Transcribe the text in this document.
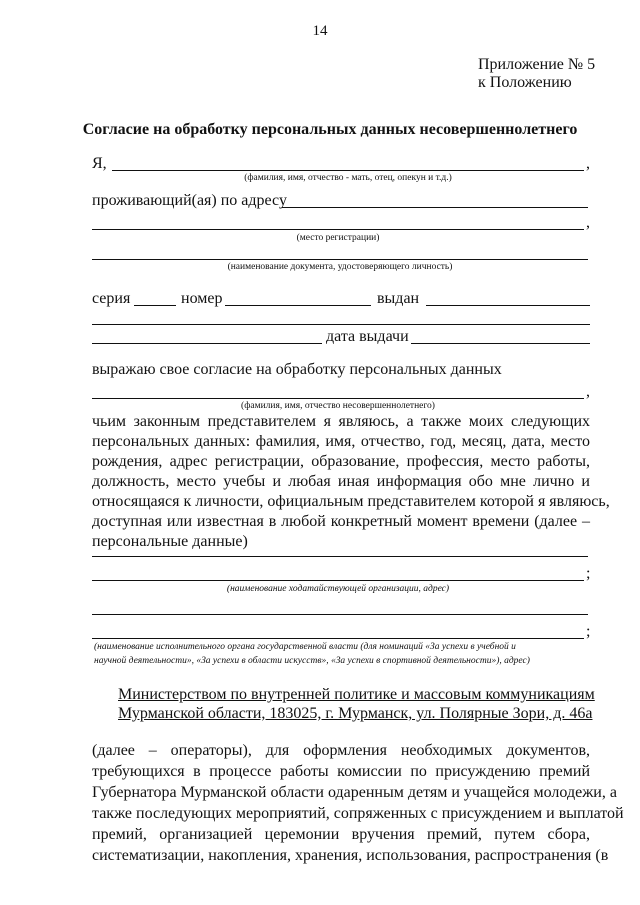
14
Приложение № 5
к Положению
Согласие на обработку персональных данных несовершеннолетнего
Я,	,
(фамилия, имя, отчество - мать, отец, опекун и т.д.)
проживающий(ая) по адресу
,
(место регистрации)
(наименование документа, удостоверяющего личность)
серия	номер	выдан
дата выдачи
выражаю свое согласие на обработку персональных данных
,
(фамилия, имя, отчество несовершеннолетнего)
чьим законным представителем я являюсь, а также моих следующих
персональных данных: фамилия, имя, отчество, год, месяц, дата, место
рождения, адрес регистрации, образование, профессия, место работы,
должность, место учебы и любая иная информация обо мне лично и
относящаяся к личности, официальным представителем которой я являюсь,
доступная или известная в любой конкретный момент времени (далее –
персональные данные)
;
(наименование ходатайствующей организации, адрес)
;
(наименование исполнительного органа государственной власти (для номинаций «За успехи в учебной и
научной деятельности», «За успехи в области искусств», «За успехи в спортивной деятельности»), адрес)
Министерством по внутренней политике и массовым коммуникациям
Мурманской области, 183025, г. Мурманск, ул. Полярные Зори, д. 46а
(далее – операторы), для оформления необходимых документов,
требующихся в процессе работы комиссии по присуждению премий
Губернатора Мурманской области одаренным детям и учащейся молодежи, а
также последующих мероприятий, сопряженных с присуждением и выплатой
премий, организацией церемонии вручения премий, путем сбора,
систематизации, накопления, хранения, использования, распространения (в
